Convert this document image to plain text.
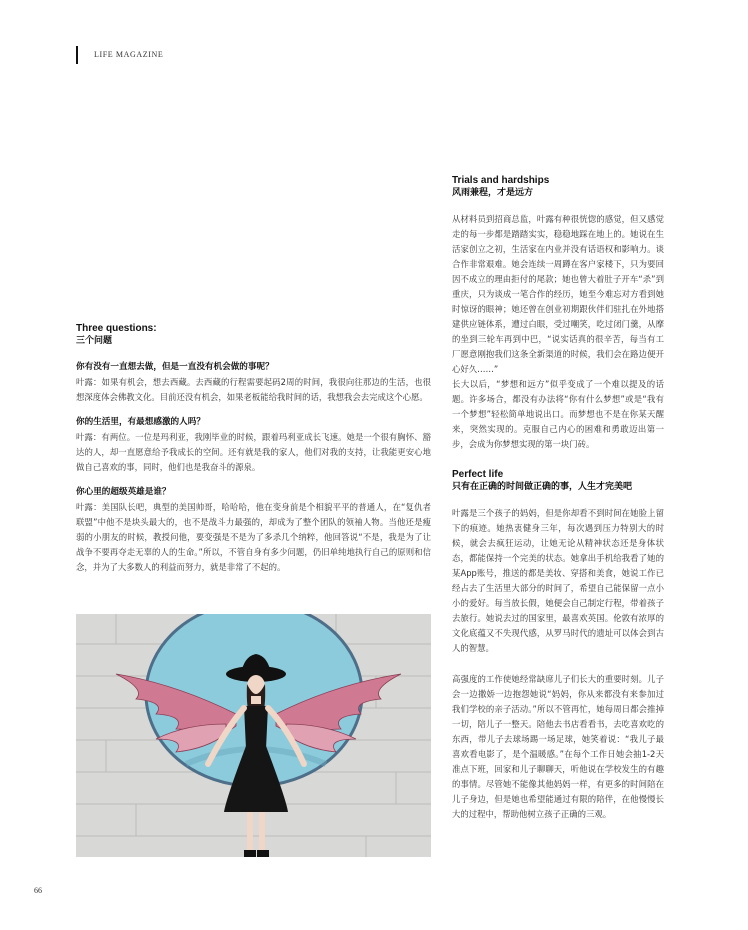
LIFE MAGAZINE
Three questions:
三个问题
你有没有一直想去做，但是一直没有机会做的事呢？
叶露：如果有机会，想去西藏。去西藏的行程需要起码2周的时间，我很向往那边的生活，也很想深度体会佛教文化。目前还没有机会，如果老板能给我时间的话，我想我会去完成这个心愿。
你的生活里，有最想感激的人吗？
叶露：有两位。一位是玛利亚，我刚毕业的时候，跟着玛利亚成长飞速。她是一个很有胸怀、豁达的人，却一直愿意给予我成长的空间。还有就是我的家人，他们对我的支持，让我能更安心地做自己喜欢的事，同时，他们也是我奋斗的源泉。
你心里的超级英雄是谁？
叶露：美国队长吧，典型的美国帅哥，哈哈哈，他在变身前是个相貌平平的普通人，在“复仇者联盟”中他不是块头最大的，也不是战斗力最强的，却成为了整个团队的领袖人物。当他还是瘦弱的小朋友的时候，教授问他，要变强是不是为了多杀几个纳粹，他回答说“不是，我是为了让战争不要再夺走无辜的人的生命。”所以，不管自身有多少问题，仍旧单纯地执行自己的原则和信念，并为了大多数人的利益而努力，就是非常了不起的。
Trials and hardships
风雨兼程，才是远方
从材料员到招商总监，叶露有种很恍惚的感觉，但又感觉走的每一步都是踏踏实实，稳稳地踩在地上的。她说在生活家创立之初，生活家在内业并没有话语权和影响力。谈合作非常艰难。她会连续一周蹲在客户家楼下，只为要回因不成立的理由拒付的尾款；她也曾大着肚子开车“杀”到重庆，只为谈成一笔合作的经历，她至今难忘对方看到她时惊讶的眼神；她还曾在创业初期跟伙伴们驻扎在外地搭建供应链体系，遭过白眼，受过嘲笑，吃过闭门羹，从摩的坐到三轮车再到中巴，“说实话真的很辛苦，每当有工厂愿意刚抱我们这条全新渠道的时候，我们会在路边便开心好久……”
长大以后，“梦想和远方”似乎变成了一个难以提及的话题。许多场合，都没有办法将“你有什么梦想”或是“我有一个梦想”轻松简单地说出口。而梦想也不是在你某天醒来，突然实现的。克服自己内心的困难和勇敢迈出第一步，会成为你梦想实现的第一块门砖。
Perfect life
只有在正确的时间做正确的事，人生才完美吧
叶露是三个孩子的妈妈，但是你却看不到时间在她脸上留下的痕迹。她热衷健身三年，每次遇到压力特别大的时候，就会去疯狂运动，让她无论从精神状态还是身体状态，都能保持一个完美的状态。她拿出手机给我看了她的某App账号，推送的都是美妆、穿搭和美食，她说工作已经占去了生活里大部分的时间了，希望自己能保留一点小小的爱好。每当放长假，她便会自己制定行程，带着孩子去旅行。她说去过的国家里，最喜欢英国。伦敦有浓厚的文化底蕴又不失现代感，从罗马时代的遗址可以体会到古人的智慧。
高强度的工作使她经常缺席儿子们长大的重要时刻。儿子会一边撒娇一边抱怨她说“妈妈，你从来都没有来参加过我们学校的亲子活动。”所以不管再忙，她每周日都会推掉一切，陪儿子一整天。陪他去书店看看书，去吃喜欢吃的东西，带儿子去球场踢一场足球，她笑着说：“我儿子最喜欢看电影了，是个温暖感。”在每个工作日她会抽1-2天准点下班，回家和儿子聊聊天，听他说在学校发生的有趣的事情。尽管她不能像其他妈妈一样，有更多的时间陪在儿子身边，但是她也希望能通过有限的陪伴，在他慢慢长大的过程中，帮助他树立孩子正确的三观。
66
